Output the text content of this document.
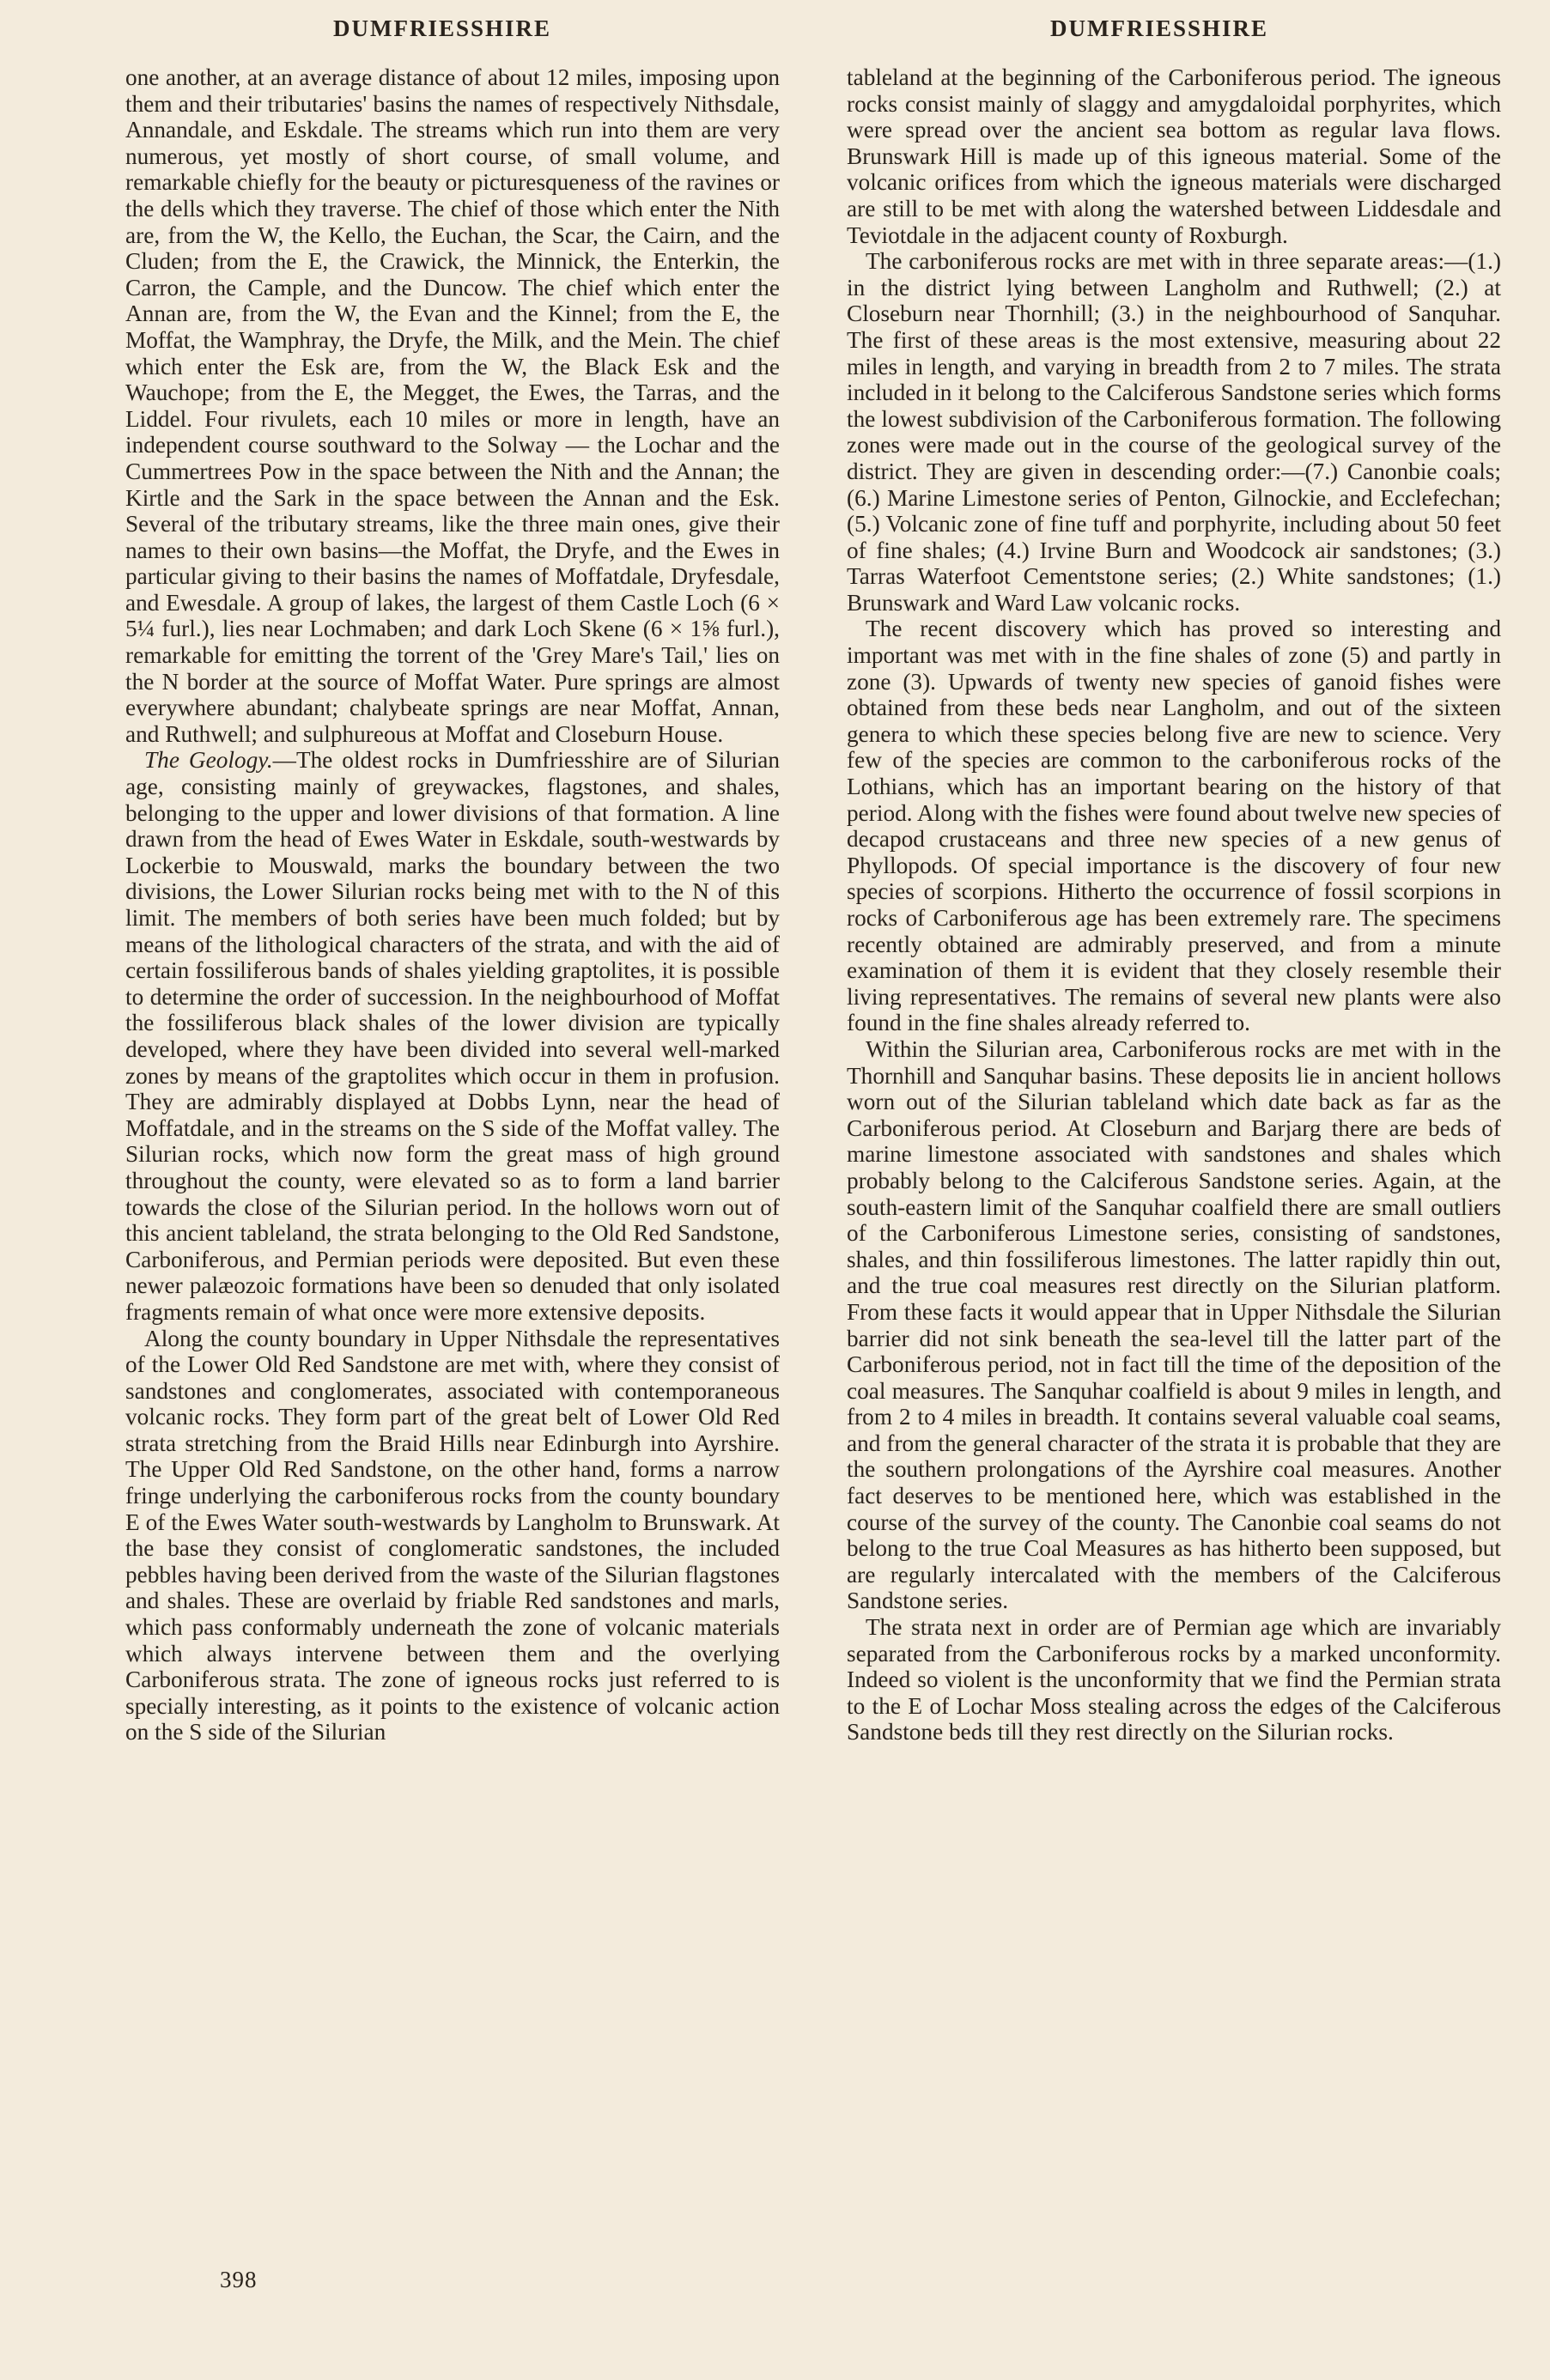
DUMFRIESSHIRE	DUMFRIESSHIRE

one another, at an average distance of about 12 miles, imposing upon them and their tributaries' basins the names of respectively Nithsdale, Annandale, and Eskdale. The streams which run into them are very numerous, yet mostly of short course, of small volume, and remarkable chiefly for the beauty or picturesqueness of the ravines or the dells which they traverse. The chief of those which enter the Nith are, from the W, the Kello, the Euchan, the Scar, the Cairn, and the Cluden; from the E, the Crawick, the Minnick, the Enterkin, the Carron, the Cample, and the Duncow. The chief which enter the Annan are, from the W, the Evan and the Kinnel; from the E, the Moffat, the Wamphray, the Dryfe, the Milk, and the Mein. The chief which enter the Esk are, from the W, the Black Esk and the Wauchope; from the E, the Megget, the Ewes, the Tarras, and the Liddel. Four rivulets, each 10 miles or more in length, have an independent course southward to the Solway — the Lochar and the Cummertrees Pow in the space between the Nith and the Annan; the Kirtle and the Sark in the space between the Annan and the Esk. Several of the tributary streams, like the three main ones, give their names to their own basins—the Moffat, the Dryfe, and the Ewes in particular giving to their basins the names of Moffatdale, Dryfesdale, and Ewesdale. A group of lakes, the largest of them Castle Loch (6 × 5¼ furl.), lies near Lochmaben; and dark Loch Skene (6 × 1⅝ furl.), remarkable for emitting the torrent of the 'Grey Mare's Tail,' lies on the N border at the source of Moffat Water. Pure springs are almost everywhere abundant; chalybeate springs are near Moffat, Annan, and Ruthwell; and sulphureous at Moffat and Closeburn House.

The Geology.—The oldest rocks in Dumfriesshire are of Silurian age, consisting mainly of greywackes, flagstones, and shales, belonging to the upper and lower divisions of that formation. A line drawn from the head of Ewes Water in Eskdale, south-westwards by Lockerbie to Mouswald, marks the boundary between the two divisions, the Lower Silurian rocks being met with to the N of this limit. The members of both series have been much folded; but by means of the lithological characters of the strata, and with the aid of certain fossiliferous bands of shales yielding graptolites, it is possible to determine the order of succession. In the neighbourhood of Moffat the fossiliferous black shales of the lower division are typically developed, where they have been divided into several well-marked zones by means of the graptolites which occur in them in profusion. They are admirably displayed at Dobbs Lynn, near the head of Moffatdale, and in the streams on the S side of the Moffat valley. The Silurian rocks, which now form the great mass of high ground throughout the county, were elevated so as to form a land barrier towards the close of the Silurian period. In the hollows worn out of this ancient tableland, the strata belonging to the Old Red Sandstone, Carboniferous, and Permian periods were deposited. But even these newer palæozoic formations have been so denuded that only isolated fragments remain of what once were more extensive deposits.

Along the county boundary in Upper Nithsdale the representatives of the Lower Old Red Sandstone are met with, where they consist of sandstones and conglomerates, associated with contemporaneous volcanic rocks. They form part of the great belt of Lower Old Red strata stretching from the Braid Hills near Edinburgh into Ayrshire. The Upper Old Red Sandstone, on the other hand, forms a narrow fringe underlying the carboniferous rocks from the county boundary E of the Ewes Water south-westwards by Langholm to Brunswark. At the base they consist of conglomeratic sandstones, the included pebbles having been derived from the waste of the Silurian flagstones and shales. These are overlaid by friable Red sandstones and marls, which pass conformably underneath the zone of volcanic materials which always intervene between them and the overlying Carboniferous strata. The zone of igneous rocks just referred to is specially interesting, as it points to the existence of volcanic action on the S side of the Silurian

tableland at the beginning of the Carboniferous period. The igneous rocks consist mainly of slaggy and amygdaloidal porphyrites, which were spread over the ancient sea bottom as regular lava flows. Brunswark Hill is made up of this igneous material. Some of the volcanic orifices from which the igneous materials were discharged are still to be met with along the watershed between Liddesdale and Teviotdale in the adjacent county of Roxburgh.

The carboniferous rocks are met with in three separate areas:—(1.) in the district lying between Langholm and Ruthwell; (2.) at Closeburn near Thornhill; (3.) in the neighbourhood of Sanquhar. The first of these areas is the most extensive, measuring about 22 miles in length, and varying in breadth from 2 to 7 miles. The strata included in it belong to the Calciferous Sandstone series which forms the lowest subdivision of the Carboniferous formation. The following zones were made out in the course of the geological survey of the district. They are given in descending order:—(7.) Canonbie coals; (6.) Marine Limestone series of Penton, Gilnockie, and Ecclefechan; (5.) Volcanic zone of fine tuff and porphyrite, including about 50 feet of fine shales; (4.) Irvine Burn and Woodcock air sandstones; (3.) Tarras Waterfoot Cementstone series; (2.) White sandstones; (1.) Brunswark and Ward Law volcanic rocks.

The recent discovery which has proved so interesting and important was met with in the fine shales of zone (5) and partly in zone (3). Upwards of twenty new species of ganoid fishes were obtained from these beds near Langholm, and out of the sixteen genera to which these species belong five are new to science. Very few of the species are common to the carboniferous rocks of the Lothians, which has an important bearing on the history of that period. Along with the fishes were found about twelve new species of decapod crustaceans and three new species of a new genus of Phyllopods. Of special importance is the discovery of four new species of scorpions. Hitherto the occurrence of fossil scorpions in rocks of Carboniferous age has been extremely rare. The specimens recently obtained are admirably preserved, and from a minute examination of them it is evident that they closely resemble their living representatives. The remains of several new plants were also found in the fine shales already referred to.

Within the Silurian area, Carboniferous rocks are met with in the Thornhill and Sanquhar basins. These deposits lie in ancient hollows worn out of the Silurian tableland which date back as far as the Carboniferous period. At Closeburn and Barjarg there are beds of marine limestone associated with sandstones and shales which probably belong to the Calciferous Sandstone series. Again, at the south-eastern limit of the Sanquhar coalfield there are small outliers of the Carboniferous Limestone series, consisting of sandstones, shales, and thin fossiliferous limestones. The latter rapidly thin out, and the true coal measures rest directly on the Silurian platform. From these facts it would appear that in Upper Nithsdale the Silurian barrier did not sink beneath the sea-level till the latter part of the Carboniferous period, not in fact till the time of the deposition of the coal measures. The Sanquhar coalfield is about 9 miles in length, and from 2 to 4 miles in breadth. It contains several valuable coal seams, and from the general character of the strata it is probable that they are the southern prolongations of the Ayrshire coal measures. Another fact deserves to be mentioned here, which was established in the course of the survey of the county. The Canonbie coal seams do not belong to the true Coal Measures as has hitherto been supposed, but are regularly intercalated with the members of the Calciferous Sandstone series.

The strata next in order are of Permian age which are invariably separated from the Carboniferous rocks by a marked unconformity. Indeed so violent is the unconformity that we find the Permian strata to the E of Lochar Moss stealing across the edges of the Calciferous Sandstone beds till they rest directly on the Silurian rocks.

398
